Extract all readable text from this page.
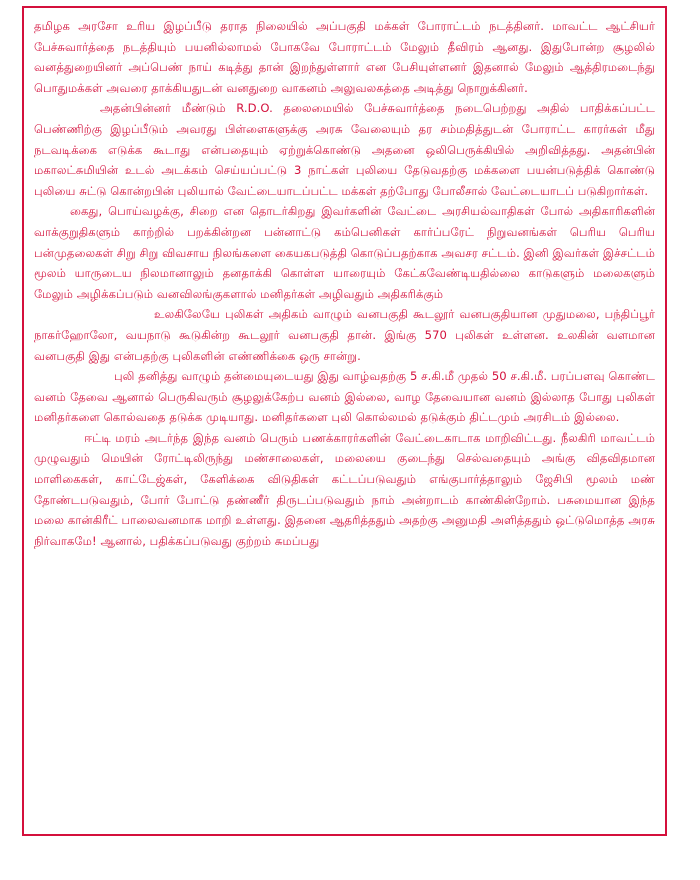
தமிழக அரசோ உரிய இழப்பீடு தராத நிலையில் அப்பகுதி மக்கள் போராட்டம் நடத்தினர். மாவட்ட ஆட்சியர் பேச்சுவார்த்தை நடத்தியும் பயனில்லாமல் போகவே போராட்டம் மேலும் தீவிரம் ஆனது. இதுபோன்ற சூழலில் வனத்துறையினர் அப்பெண் நாய் கடித்து தான் இறந்துள்ளார் என பேசியுள்ளனர் இதனால் மேலும் ஆத்திரமடைந்து பொதுமக்கள் அவரை தாக்கியதுடன் வனதுறை வாகனம் அலுவலகத்தை அடித்து நொறுக்கினர்.

அதன்பின்னர் மீண்டும் R.D.O. தலைமையில் பேச்சுவார்த்தை நடைபெற்றது அதில் பாதிக்கப்பட்ட பெண்ணிற்கு இழப்பீடும் அவரது பிள்ளைகளுக்கு அரசு வேலையும் தர சம்மதித்துடன் போராட்ட காரர்கள் மீது நடவடிக்கை எடுக்க கூடாது என்பதையும் ஏற்றுக்கொண்டு அதனை ஒலிபெருக்கியில் அறிவித்தது. அதன்பின் மகாலட்சுமியின் உடல் அடக்கம் செய்யப்பட்டு 3 நாட்கள் புலியை தேடுவதற்கு மக்களை பயன்படுத்திக் கொண்டு புலியை சுட்டு கொன்றபின் புலியால் வேட்டையாடப்பட்ட மக்கள் தற்போது போலீசால் வேட்டையாடப் படுகிறார்கள்.

கைது, பொய்வழக்கு, சிறை என தொடர்கிறது இவர்களின் வேட்டை அரசியல்வாதிகள் போல் அதிகாரிகளின் வாக்குறுதிகளும் காற்றில் பறக்கின்றன பன்னாட்டு கம்பெனிகள் கார்ப்பரேட் நிறுவனங்கள் பெரிய பெரிய பன்முதலைகள் சிறு சிறு விவசாய நிலங்களை கையகபடுத்தி கொடுப்பதற்காக அவசர சட்டம். இனி இவர்கள் இச்சட்டம் மூலம் யாருடைய நிலமானாலும் தனதாக்கி கொள்ள யாரையும் கேட்கவேண்டியதில்லை காடுகளும் மலைகளும் மேலும் அழிக்கப்படும் வனவிலங்குகளால் மனிதர்கள் அழிவதும் அதிகரிக்கும்

உலகிலேயே புலிகள் அதிகம் வாழும் வனபகுதி கூடலூர் வனபகுதியான முதுமலை, பந்திப்பூர் நாகர்ஹோலோ, வயநாடு கூடுகின்ற கூடலூர் வனபகுதி தான். இங்கு 570 புலிகள் உள்ளன. உலகின் வளமான வனபகுதி இது என்பதற்கு புலிகளின் எண்ணிக்கை ஒரு சான்று.

புலி தனித்து வாழும் தன்மையுடையது இது வாழ்வதற்கு 5 ச.கி.மீ முதல் 50 ச.கி.மீ. பரப்பளவு கொண்ட வனம் தேவை ஆனால் பெருகிவரும் சூழலுக்கேற்ப வனம் இல்லை, வாழ தேவையான வனம் இல்லாத போது புலிகள் மனிதர்களை கொல்வதை தடுக்க முடியாது. மனிதர்களை புலி கொல்லமல் தடுக்கும் திட்டமும் அரசிடம் இல்லை.

ஈட்டி மரம் அடர்ந்த இந்த வனம் பெரும் பணக்காரர்களின் வேட்டைகாடாக மாறிவிட்டது. நீலகிரி மாவட்டம் முழுவதும் மெயின் ரோட்டிலிருந்து மண்சாலைகள், மலையை குடைந்து செல்வதையும் அங்கு விதவிதமான மாளிகைகள், காட்டேஜ்கள், கேளிக்கை விடுதிகள் கட்டப்படுவதும் எங்குபார்த்தாலும் ஜேசிபி மூலம் மண் தோண்டபடுவதும், போர் போட்டு தண்ணீர் திருடப்படுவதும் நாம் அன்றாடம் காண்கின்றோம். பசுமையான இந்த மலை கான்கிரீட் பாலைவனமாக மாறி உள்ளது. இதனை ஆதரித்ததும் அதற்கு அனுமதி அளித்ததும் ஒட்டுமொத்த அரசு நிர்வாகமே! ஆனால், பதிக்கப்படுவது குற்றம் சுமப்பது
